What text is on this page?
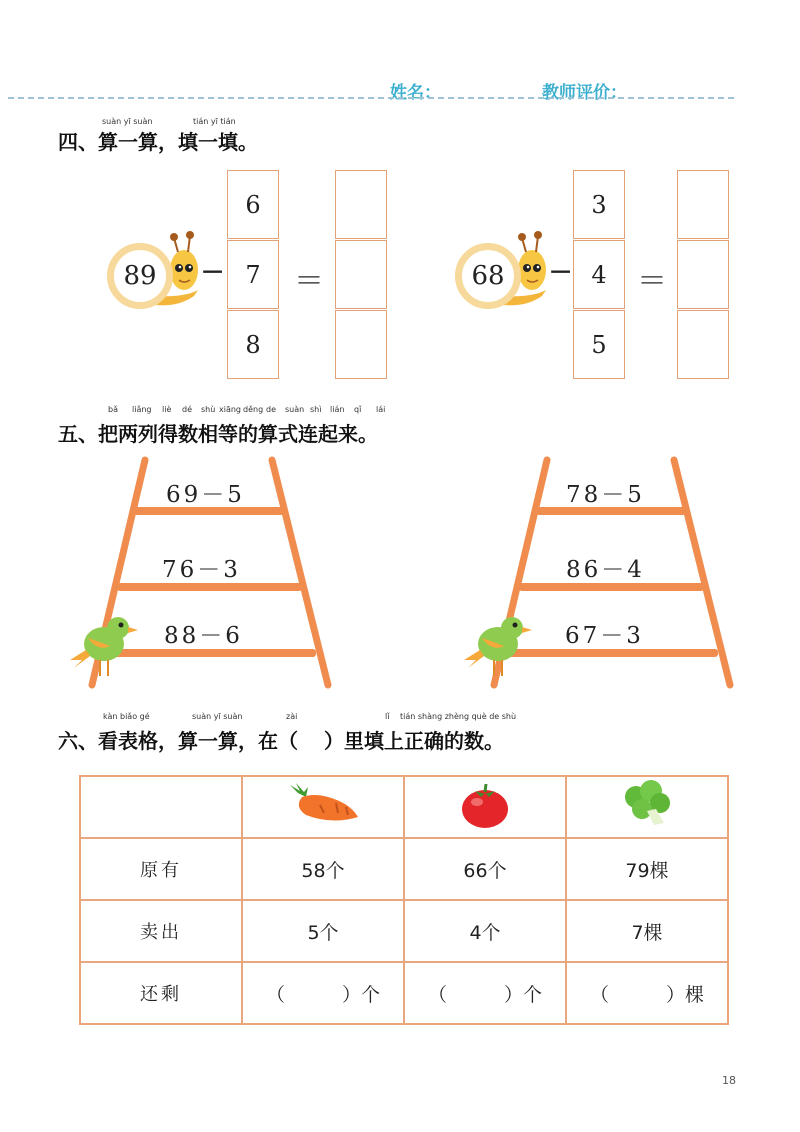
姓名：	教师评价：
suàn yī suàn	tián yī tián
四、算一算，填一填。
89	−
6
7
8
＝	68	−
3
4
5
＝
bǎ liǎng liè dé shù xiāng děng de suàn shì lián qǐ lái
五、把两列得数相等的算式连起来。
69－5
76－3
88－6
78－5
86－4
67－3
kàn biǎo gé	suàn yī suàn	zài	lǐ tián shàng zhèng què de shù
六、看表格，算一算，在（ ）里填上正确的数。

原有	58个	66个	79棵
卖出	5个	4个	7棵
还剩	（　　　）个	（　　　）个	（　　　）棵
18
